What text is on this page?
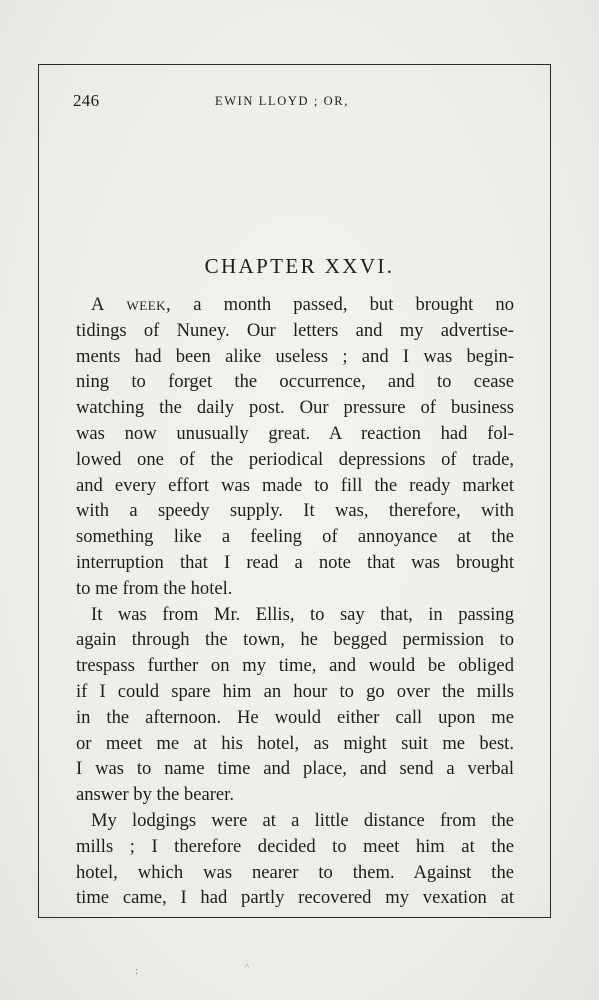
246	EWIN LLOYD ; OR,
CHAPTER XXVI.
A week, a month passed, but brought no
tidings of Nuney. Our letters and my advertise-
ments had been alike useless ; and I was begin-
ning to forget the occurrence, and to cease
watching the daily post. Our pressure of business
was now unusually great. A reaction had fol-
lowed one of the periodical depressions of trade,
and every effort was made to fill the ready market
with a speedy supply. It was, therefore, with
something like a feeling of annoyance at the
interruption that I read a note that was brought
to me from the hotel.
It was from Mr. Ellis, to say that, in passing
again through the town, he begged permission to
trespass further on my time, and would be obliged
if I could spare him an hour to go over the mills
in the afternoon. He would either call upon me
or meet me at his hotel, as might suit me best.
I was to name time and place, and send a verbal
answer by the bearer.
My lodgings were at a little distance from the
mills ; I therefore decided to meet him at the
hotel, which was nearer to them. Against the
time came, I had partly recovered my vexation at
:	^
